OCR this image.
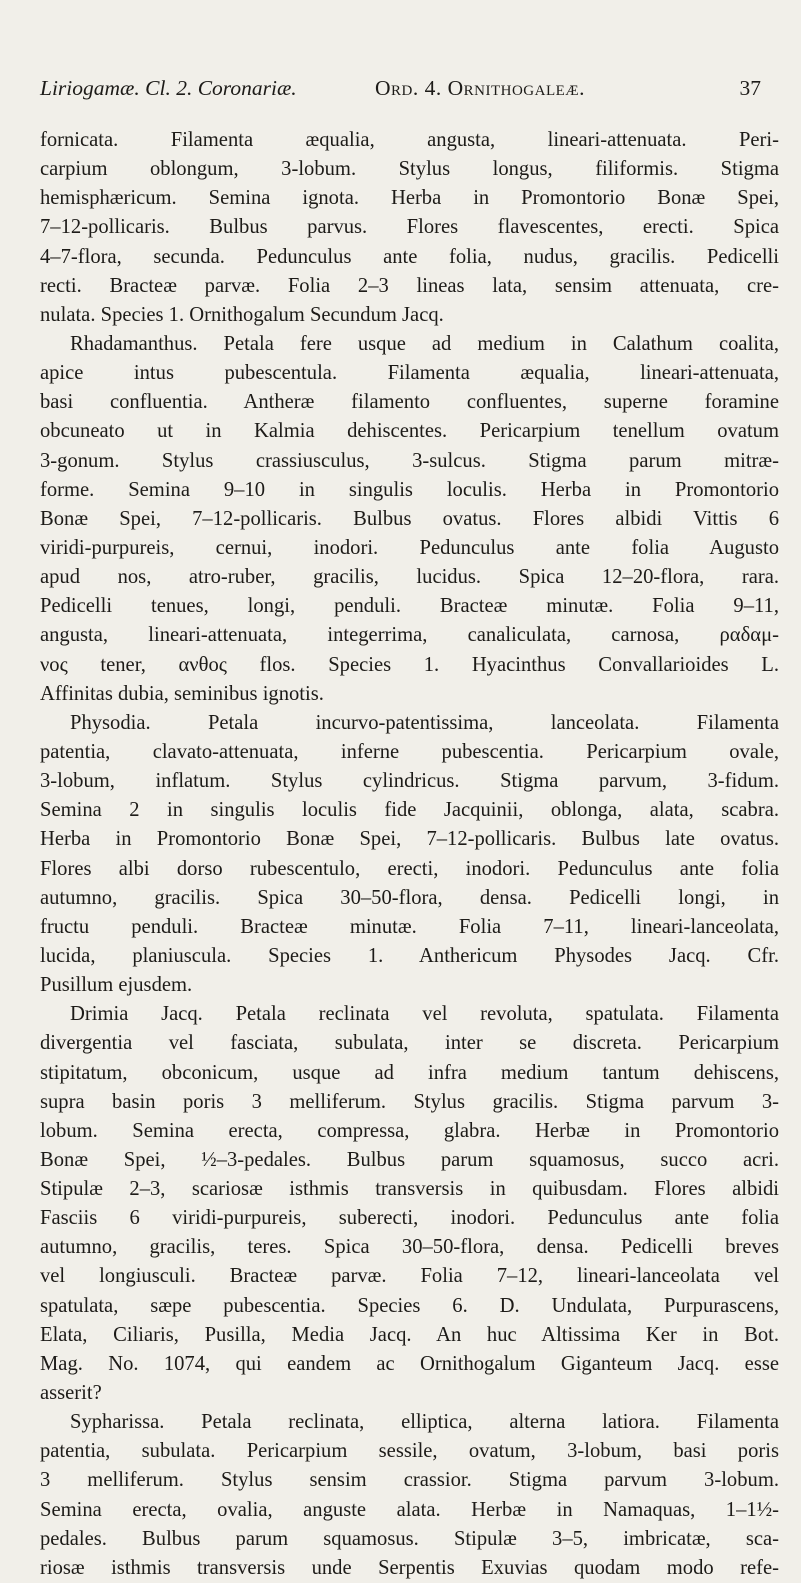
Liriogamæ. Cl. 2. Coronariæ.	Ord. 4. Ornithogaleæ.	37
fornicata. Filamenta æqualia, angusta, lineari-attenuata. Peri-
carpium oblongum, 3-lobum. Stylus longus, filiformis. Stigma
hemisphæricum. Semina ignota. Herba in Promontorio Bonæ Spei,
7–12-pollicaris. Bulbus parvus. Flores flavescentes, erecti. Spica
4–7-flora, secunda. Pedunculus ante folia, nudus, gracilis. Pedicelli
recti. Bracteæ parvæ. Folia 2–3 lineas lata, sensim attenuata, cre-
nulata. Species 1. Ornithogalum Secundum Jacq.
Rhadamanthus. Petala fere usque ad medium in Calathum coalita,
apice intus pubescentula. Filamenta æqualia, lineari-attenuata,
basi confluentia. Antheræ filamento confluentes, superne foramine
obcuneato ut in Kalmia dehiscentes. Pericarpium tenellum ovatum
3-gonum. Stylus crassiusculus, 3-sulcus. Stigma parum mitræ-
forme. Semina 9–10 in singulis loculis. Herba in Promontorio
Bonæ Spei, 7–12-pollicaris. Bulbus ovatus. Flores albidi Vittis 6
viridi-purpureis, cernui, inodori. Pedunculus ante folia Augusto
apud nos, atro-ruber, gracilis, lucidus. Spica 12–20-flora, rara.
Pedicelli tenues, longi, penduli. Bracteæ minutæ. Folia 9–11,
angusta, lineari-attenuata, integerrima, canaliculata, carnosa, ραδαμ-
νος tener, ανθος flos. Species 1. Hyacinthus Convallarioides L.
Affinitas dubia, seminibus ignotis.
Physodia. Petala incurvo-patentissima, lanceolata. Filamenta
patentia, clavato-attenuata, inferne pubescentia. Pericarpium ovale,
3-lobum, inflatum. Stylus cylindricus. Stigma parvum, 3-fidum.
Semina 2 in singulis loculis fide Jacquinii, oblonga, alata, scabra.
Herba in Promontorio Bonæ Spei, 7–12-pollicaris. Bulbus late ovatus.
Flores albi dorso rubescentulo, erecti, inodori. Pedunculus ante folia
autumno, gracilis. Spica 30–50-flora, densa. Pedicelli longi, in
fructu penduli. Bracteæ minutæ. Folia 7–11, lineari-lanceolata,
lucida, planiuscula. Species 1. Anthericum Physodes Jacq. Cfr.
Pusillum ejusdem.
Drimia Jacq. Petala reclinata vel revoluta, spatulata. Filamenta
divergentia vel fasciata, subulata, inter se discreta. Pericarpium
stipitatum, obconicum, usque ad infra medium tantum dehiscens,
supra basin poris 3 melliferum. Stylus gracilis. Stigma parvum 3-
lobum. Semina erecta, compressa, glabra. Herbæ in Promontorio
Bonæ Spei, ½–3-pedales. Bulbus parum squamosus, succo acri.
Stipulæ 2–3, scariosæ isthmis transversis in quibusdam. Flores albidi
Fasciis 6 viridi-purpureis, suberecti, inodori. Pedunculus ante folia
autumno, gracilis, teres. Spica 30–50-flora, densa. Pedicelli breves
vel longiusculi. Bracteæ parvæ. Folia 7–12, lineari-lanceolata vel
spatulata, sæpe pubescentia. Species 6. D. Undulata, Purpurascens,
Elata, Ciliaris, Pusilla, Media Jacq. An huc Altissima Ker in Bot.
Mag. No. 1074, qui eandem ac Ornithogalum Giganteum Jacq. esse
asserit?
Sypharissa. Petala reclinata, elliptica, alterna latiora. Filamenta
patentia, subulata. Pericarpium sessile, ovatum, 3-lobum, basi poris
3 melliferum. Stylus sensim crassior. Stigma parvum 3-lobum.
Semina erecta, ovalia, anguste alata. Herbæ in Namaquas, 1–1½-
pedales. Bulbus parum squamosus. Stipulæ 3–5, imbricatæ, sca-
riosæ isthmis transversis unde Serpentis Exuvias quodam modo refe-
